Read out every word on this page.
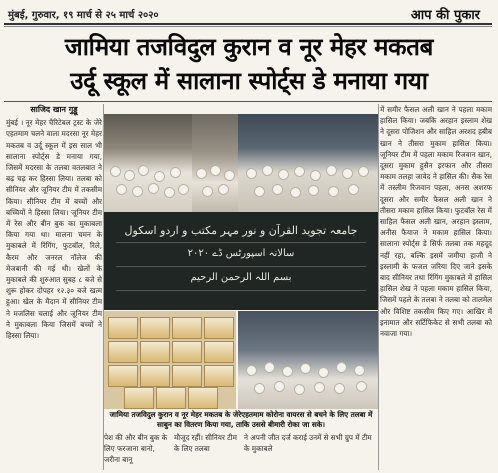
मुंबई, गुरुवार, १९ मार्च से २५ मार्च २०२०	आप की पुकार
जामिया तजविदुल कुरान व नूर मेहर मकतब
उर्दू स्कूल में सालाना स्पोर्ट्स डे मनाया गया
साजिद खान गुड्डू

मुंबई । नूर मेहर चैरिटेबल ट्रस्ट के जेरे एहतमाम चलने वाला मदरसा नूर मेहर मकतब व उर्दू स्कूल में इस साल भी सालाना स्पोर्ट्स डे मनाया गया, जिसमें मदरसा के तलबा वतलबात ने बढ़ चढ़ कर हिस्सा लिया। तलबा को सीनियर और जूनियर टीम में तकसीम किया। सीनियर टीम में बच्चों और बच्चियों ने हिस्सा लिया। जूनियर टीम में रेस और बीन बुक का मुकाबला किया गया था। मालना चमन के मुकाबले में रिंगिंग, फुटबॉल, रिले, कैरम और जनरल नॉलेज की मेजबानी की गई थी। खेलों के मुकाबले की शुरुआत सुबह ८ बजे से शुरू होकर दोपहर १२.३० बजे खत्म हुआ। खेल के मैदान में सीनियर टीम ने मजलिस चलाई और जूनियर टीम ने मुकाबला किया जिसमें बच्चों ने हिस्सा लिया।

جامعہ تجوید القرآن و نور مہر مکتب و اردو اسکول
سالانہ اسپورٹس ڈے ٢٠٢٠
بسم اللہ الرحمن الرحیم
जामिया तजविदुल कुरान व नूर मेहर मकतब के जेरेएहतमाम कोरोना वायरस से बचने के लिए तलबा में साबुन का वितरण किया गया, ताकि उससे बीमारी रोका जा सके।
पेश की और बीन बुक के लिए फरजाना बानो, जरीना बानू
मौजूद रहीं। सीनियर टीम के लिए तलबा
ने अपनी जीत दर्ज कराई उनमें से सभी ग्रुप में टीम के मुकाबले

में समीर फैसल अली खान ने पहला मकाम हासिल किया। जबकि अरहान इस्लाम शेख ने दूसरा पोजिशन और साहिल अरशद हबीब खान ने तीसरा मुकाम हासिल किया। जूनियर टीम में पहला मकाम रिजवान खान, दूसरा मुकाम हुसैन इरफान और तीसरा मकाम तलहा जावेद ने हासिल की। सैक रेस में तस्लीम रिजवान पहला, अनस अशरफ दूसरा और समीर फैसल अली खान ने तीसरा मकाम हासिल किया। फुटबॉल रेस में साहिल फैसल अली खान, अरहान इस्लाम, अनीस फैयाज ने मकाम हासिल किया। सालाना स्पोर्ट्स डे सिर्फ तलबा तक महदूद नहीं रहा, बल्कि इसमें जमीया हाजी ने इस्लामी के फजल जरिया दिए जाने इसके बाद सीनियर तथा रिंगिंग मुकाबले में हासिल हासिल शेख ने पहला मकाम हासिल किया, जिसमें पहले के तलबा ने तलबा को तालमेल और विशिष्ट तकसीम किए गए। आखिर में इनामात और सर्टिफिकेट से सभी तलबा को नवाजा गया।
